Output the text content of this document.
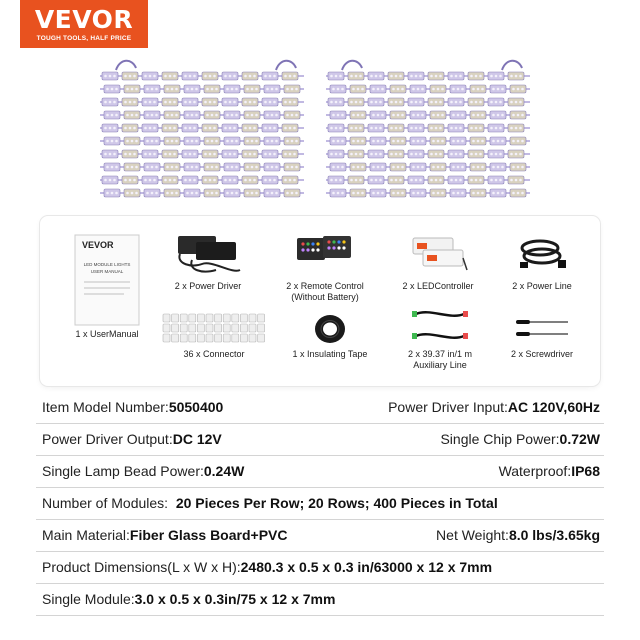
VEVOR
TOUGH TOOLS, HALF PRICE
VEVOR
LED MODULE LIGHTS
USER MANUAL
1 x UserManual
2 x Power Driver	2 x Remote Control
(Without Battery)
2 x LEDController	2 x Power Line
36 x Connector	1 x Insulating Tape	2 x 39.37 in/1 m
Auxiliary Line
2 x Screwdriver
Item Model Number:5050400	Power Driver Input:AC 120V,60Hz
Power Driver Output:DC 12V	Single Chip Power:0.72W
Single Lamp Bead Power:0.24W	Waterproof:IP68
Number of Modules: 20 Pieces Per Row; 20 Rows; 400 Pieces in Total
Main Material:Fiber Glass Board+PVC	Net Weight:8.0 lbs/3.65kg
Product Dimensions(L x W x H):2480.3 x 0.5 x 0.3 in/63000 x 12 x 7mm
Single Module:3.0 x 0.5 x 0.3in/75 x 12 x 7mm
